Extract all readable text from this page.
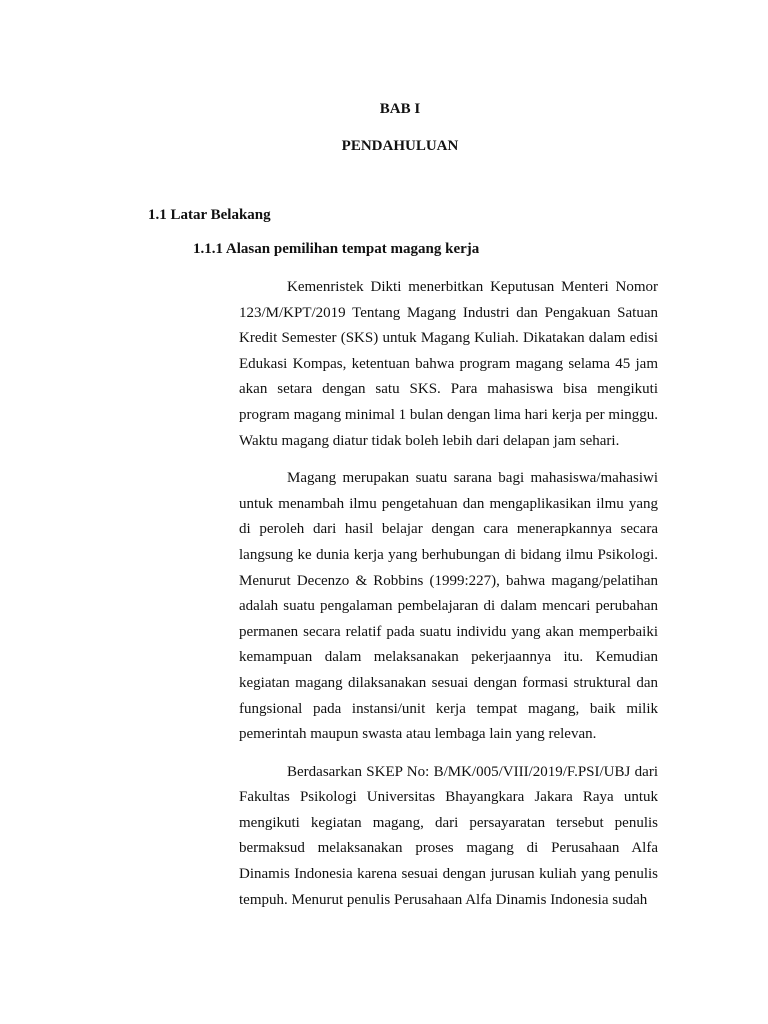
BAB I
PENDAHULUAN
1.1 Latar Belakang
1.1.1 Alasan pemilihan tempat magang kerja

Kemenristek Dikti menerbitkan Keputusan Menteri Nomor 123/M/KPT/2019 Tentang Magang Industri dan Pengakuan Satuan Kredit Semester (SKS) untuk Magang Kuliah. Dikatakan dalam edisi Edukasi Kompas, ketentuan bahwa program magang selama 45 jam akan setara dengan satu SKS. Para mahasiswa bisa mengikuti program magang minimal 1 bulan dengan lima hari kerja per minggu. Waktu magang diatur tidak boleh lebih dari delapan jam sehari.

Magang merupakan suatu sarana bagi mahasiswa/mahasiwi untuk menambah ilmu pengetahuan dan mengaplikasikan ilmu yang di peroleh dari hasil belajar dengan cara menerapkannya secara langsung ke dunia kerja yang berhubungan di bidang ilmu Psikologi. Menurut Decenzo & Robbins (1999:227), bahwa magang/pelatihan adalah suatu pengalaman pembelajaran di dalam mencari perubahan permanen secara relatif pada suatu individu yang akan memperbaiki kemampuan dalam melaksanakan pekerjaannya itu. Kemudian kegiatan magang dilaksanakan sesuai dengan formasi struktural dan fungsional pada instansi/unit kerja tempat magang, baik milik pemerintah maupun swasta atau lembaga lain yang relevan.

Berdasarkan SKEP No: B/MK/005/VIII/2019/F.PSI/UBJ dari Fakultas Psikologi Universitas Bhayangkara Jakara Raya untuk mengikuti kegiatan magang, dari persayaratan tersebut penulis bermaksud melaksanakan proses magang di Perusahaan Alfa Dinamis Indonesia karena sesuai dengan jurusan kuliah yang penulis tempuh. Menurut penulis Perusahaan Alfa Dinamis Indonesia sudah
